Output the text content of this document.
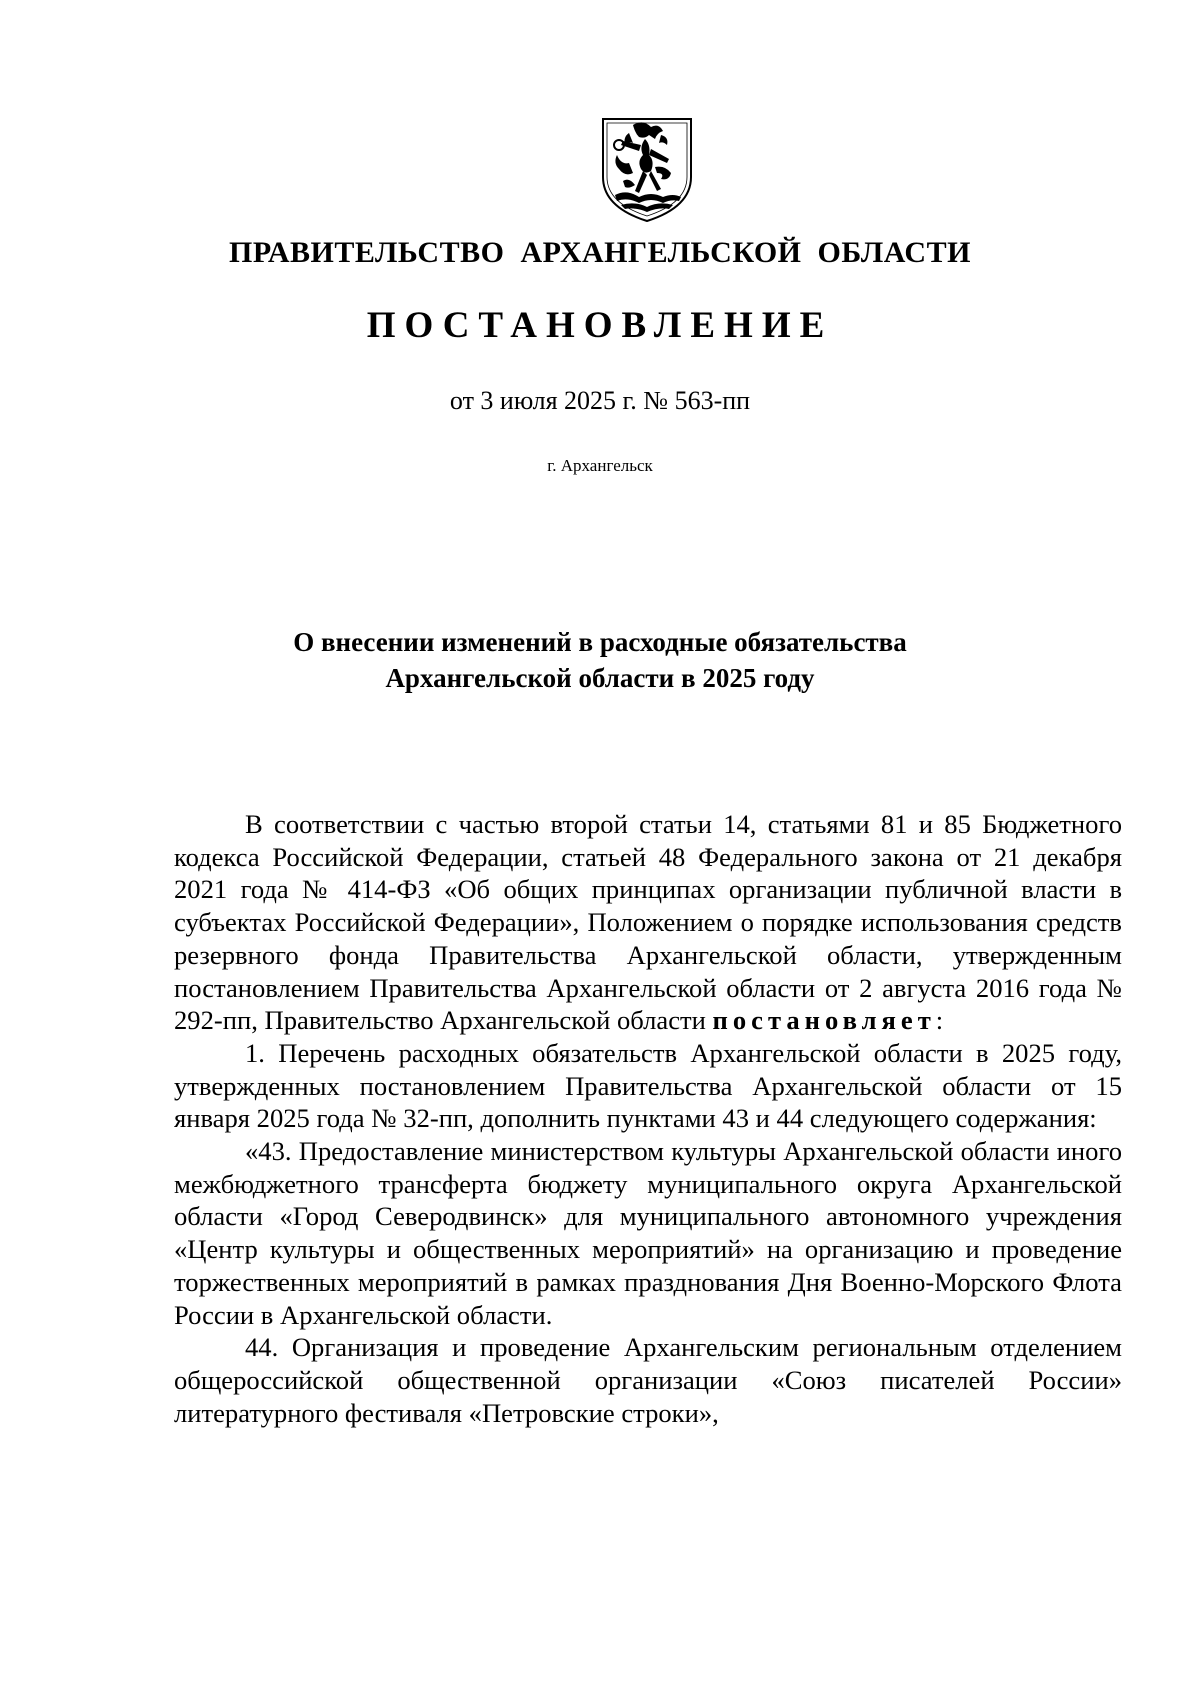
ПРАВИТЕЛЬСТВО АРХАНГЕЛЬСКОЙ ОБЛАСТИ
ПОСТАНОВЛЕНИЕ
от 3 июля 2025 г. № 563-пп
г. Архангельск
О внесении изменений в расходные обязательства
Архангельской области в 2025 году

В соответствии с частью второй статьи 14, статьями 81 и 85 Бюджетного кодекса Российской Федерации, статьей 48 Федерального закона от 21 декабря 2021 года № 414-ФЗ «Об общих принципах организации публичной власти в субъектах Российской Федерации», Положением о порядке использования средств резервного фонда Правительства Архангельской области, утвержденным постановлением Правительства Архангельской области от 2 августа 2016 года № 292-пп, Правительство Архангельской области постановляет:

1. Перечень расходных обязательств Архангельской области в 2025 году, утвержденных постановлением Правительства Архангельской области от 15 января 2025 года № 32-пп, дополнить пунктами 43 и 44 следующего содержания:

«43. Предоставление министерством культуры Архангельской области иного межбюджетного трансферта бюджету муниципального округа Архангельской области «Город Северодвинск» для муниципального автономного учреждения «Центр культуры и общественных мероприятий» на организацию и проведение торжественных мероприятий в рамках празднования Дня Военно-Морского Флота России в Архангельской области.

44. Организация и проведение Архангельским региональным отделением общероссийской общественной организации «Союз писателей России» литературного фестиваля «Петровские строки»,
